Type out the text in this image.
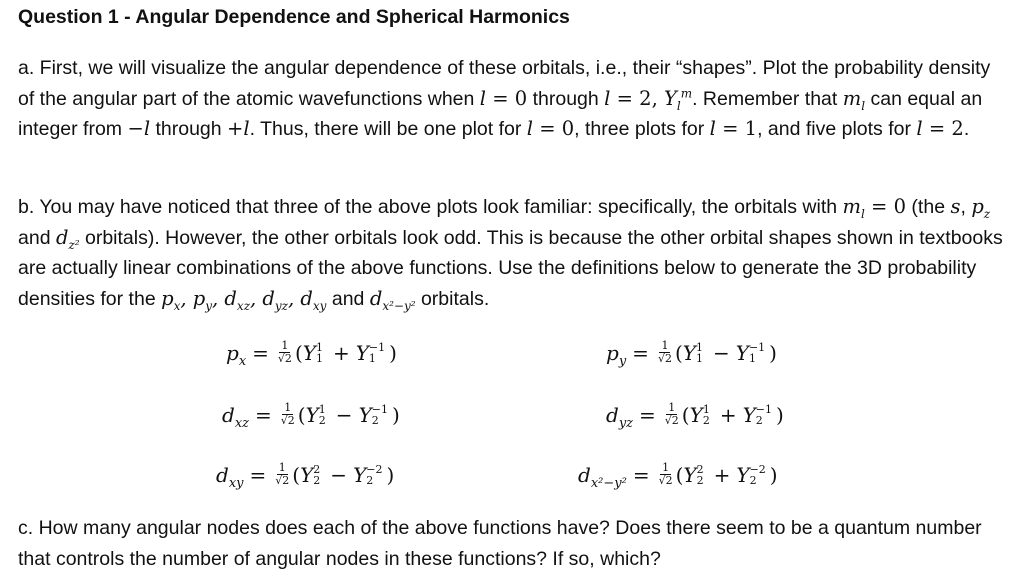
Question 1 - Angular Dependence and Spherical Harmonics

a. First, we will visualize the angular dependence of these orbitals, i.e., their “shapes”. Plot the probability density of the angular part of the atomic wavefunctions when l = 0 through l = 2, $Y_l^m$. Remember that $m_l$ can equal an integer from −l through +l. Thus, there will be one plot for l = 0, three plots for l = 1, and five plots for l = 2.

b. You may have noticed that three of the above plots look familiar: specifically, the orbitals with $m_l = 0$ (the s, $p_z$ and $d_{z^2}$ orbitals). However, the other orbitals look odd. This is because the other orbital shapes shown in textbooks are actually linear combinations of the above functions. Use the definitions below to generate the 3D probability densities for the $p_x$, $p_y$, $d_{xz}$, $d_{yz}$, $d_{xy}$ and $d_{x^2-y^2}$ orbitals.

$p_x = \frac{1}{√2}$ ( Y 1
1 + Y −1
1 )	$p_y = \frac{1}{√2}$ ( Y 1
1 − Y −1
1 )
$d_{xz} = \frac{1}{√2}$ ( Y 1
2 − Y −1
2 )	$d_{yz} = \frac{1}{√2}$ ( Y 1
2 + Y −1
2 )
$d_{xy} = \frac{1}{√2}$ ( Y 2
2 − Y −2
2 )	$d_{x^2-y^2} = \frac{1}{√2}$ ( Y 2
2 + Y −2
2 )

c. How many angular nodes does each of the above functions have? Does there seem to be a quantum number that controls the number of angular nodes in these functions? If so, which?
